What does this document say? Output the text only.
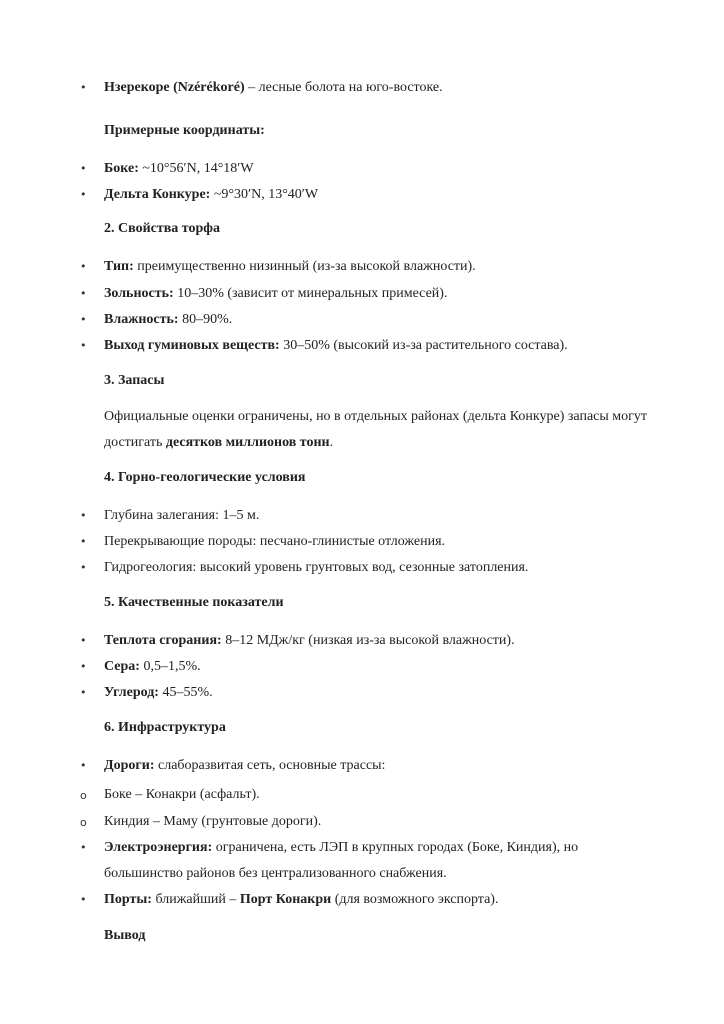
•	Нзерекоре (Nzérékoré) – лесные болота на юго-востоке.
Примерные координаты:
•	Боке: ~10°56′N, 14°18′W
•	Дельта Конкуре: ~9°30′N, 13°40′W
2. Свойства торфа
•	Тип: преимущественно низинный (из-за высокой влажности).
•	Зольность: 10–30% (зависит от минеральных примесей).
•	Влажность: 80–90%.
•	Выход гуминовых веществ: 30–50% (высокий из-за растительного состава).
3. Запасы
Официальные оценки ограничены, но в отдельных районах (дельта Конкуре) запасы могут
достигать десятков миллионов тонн.
4. Горно-геологические условия
•	Глубина залегания: 1–5 м.
•	Перекрывающие породы: песчано-глинистые отложения.
•	Гидрогеология: высокий уровень грунтовых вод, сезонные затопления.
5. Качественные показатели
•	Теплота сгорания: 8–12 МДж/кг (низкая из-за высокой влажности).
•	Сера: 0,5–1,5%.
•	Углерод: 45–55%.
6. Инфраструктура
•	Дороги: слаборазвитая сеть, основные трассы:
o	Боке – Конакри (асфальт).
o	Киндия – Маму (грунтовые дороги).
•	Электроэнергия: ограничена, есть ЛЭП в крупных городах (Боке, Киндия), но
большинство районов без централизованного снабжения.
•	Порты: ближайший – Порт Конакри (для возможного экспорта).
Вывод
